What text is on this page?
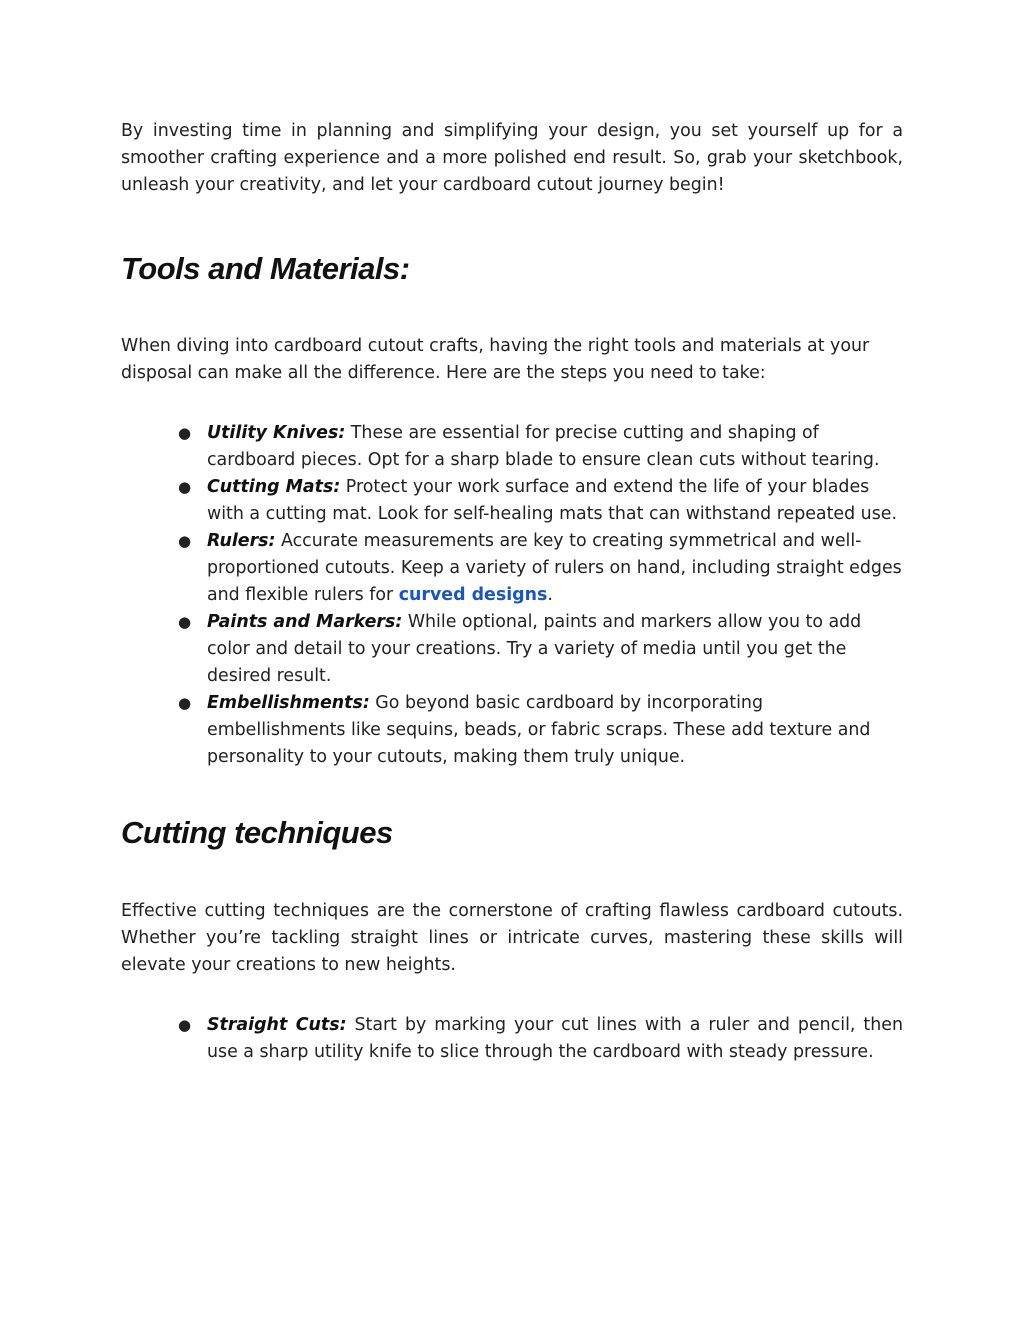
By investing time in planning and simplifying your design, you set yourself up for a smoother crafting experience and a more polished end result. So, grab your sketchbook, unleash your creativity, and let your cardboard cutout journey begin!

Tools and Materials:

When diving into cardboard cutout crafts, having the right tools and materials at your disposal can make all the difference. Here are the steps you need to take:

● Utility Knives: These are essential for precise cutting and shaping of cardboard pieces. Opt for a sharp blade to ensure clean cuts without tearing.
● Cutting Mats: Protect your work surface and extend the life of your blades with a cutting mat. Look for self-healing mats that can withstand repeated use.
● Rulers: Accurate measurements are key to creating symmetrical and well-proportioned cutouts. Keep a variety of rulers on hand, including straight edges and flexible rulers for curved designs.
● Paints and Markers: While optional, paints and markers allow you to add color and detail to your creations. Try a variety of media until you get the desired result.
● Embellishments: Go beyond basic cardboard by incorporating embellishments like sequins, beads, or fabric scraps. These add texture and personality to your cutouts, making them truly unique.
Cutting techniques

Effective cutting techniques are the cornerstone of crafting flawless cardboard cutouts. Whether you’re tackling straight lines or intricate curves, mastering these skills will elevate your creations to new heights.

● Straight Cuts: Start by marking your cut lines with a ruler and pencil, then use a sharp utility knife to slice through the cardboard with steady pressure.
